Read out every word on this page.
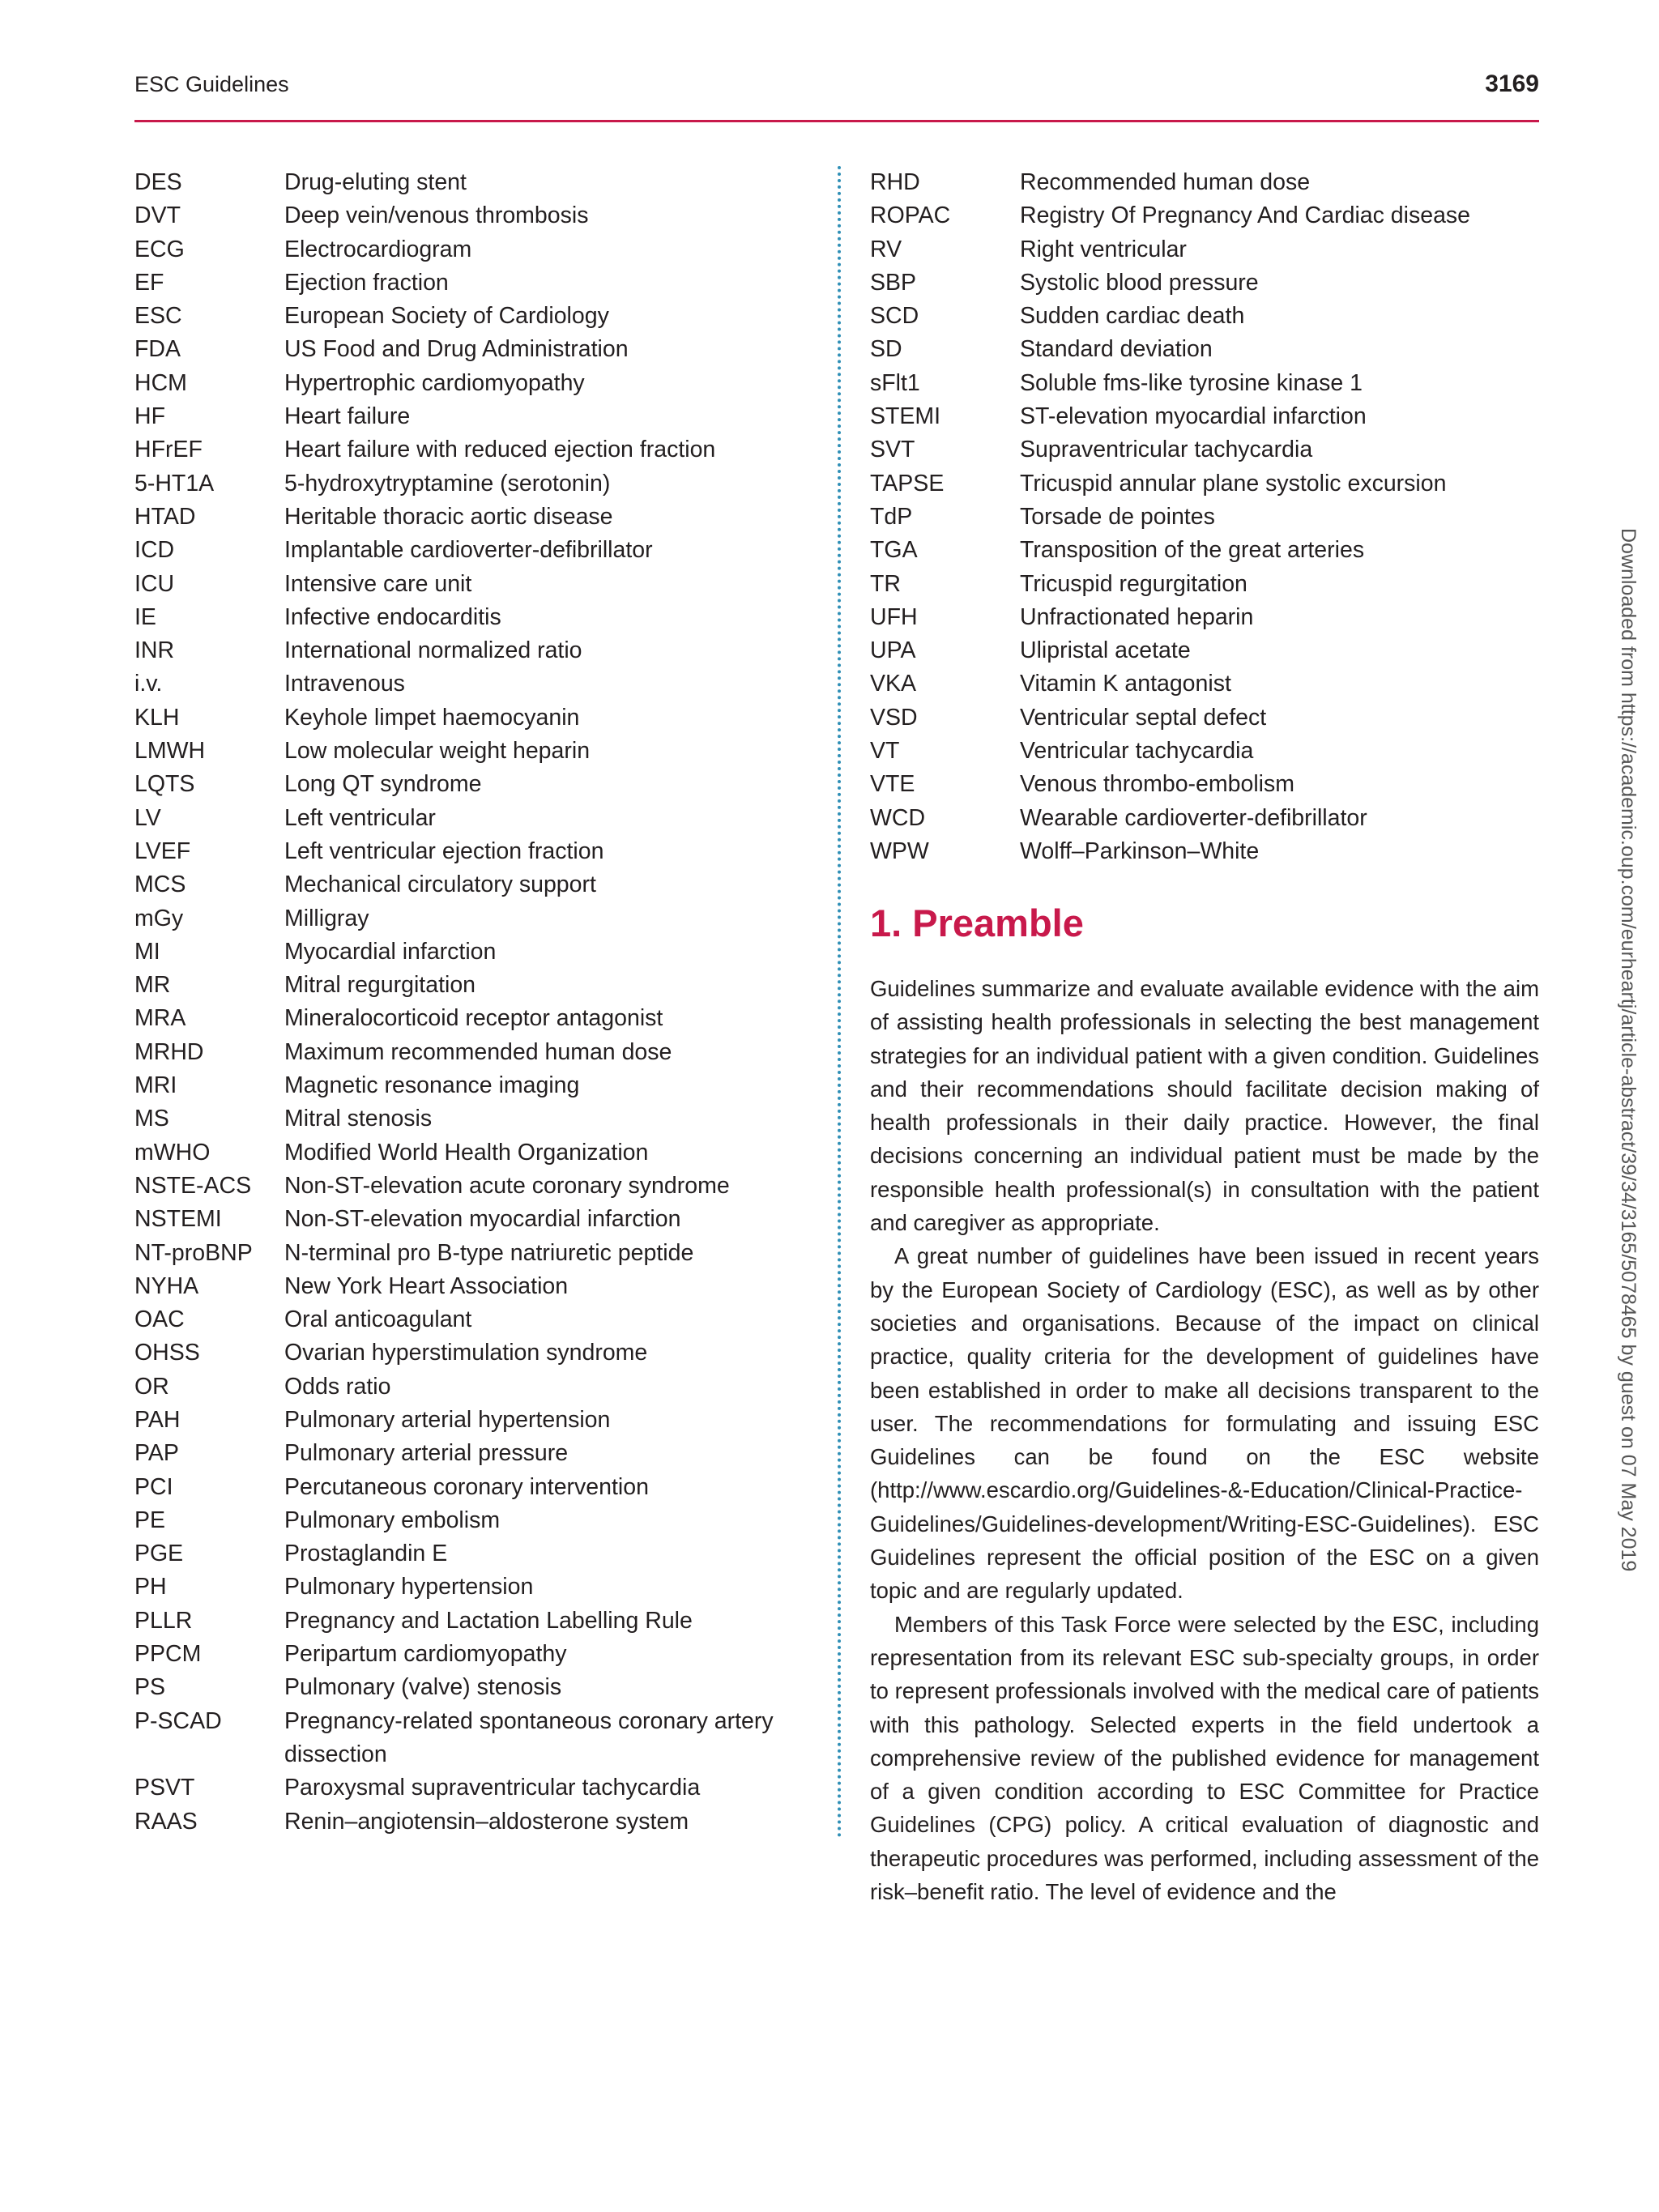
ESC Guidelines	3169
DES	Drug-eluting stent
DVT	Deep vein/venous thrombosis
ECG	Electrocardiogram
EF	Ejection fraction
ESC	European Society of Cardiology
FDA	US Food and Drug Administration
HCM	Hypertrophic cardiomyopathy
HF	Heart failure
HFrEF	Heart failure with reduced ejection fraction
5-HT1A	5-hydroxytryptamine (serotonin)
HTAD	Heritable thoracic aortic disease
ICD	Implantable cardioverter-defibrillator
ICU	Intensive care unit
IE	Infective endocarditis
INR	International normalized ratio
i.v.	Intravenous
KLH	Keyhole limpet haemocyanin
LMWH	Low molecular weight heparin
LQTS	Long QT syndrome
LV	Left ventricular
LVEF	Left ventricular ejection fraction
MCS	Mechanical circulatory support
mGy	Milligray
MI	Myocardial infarction
MR	Mitral regurgitation
MRA	Mineralocorticoid receptor antagonist
MRHD	Maximum recommended human dose
MRI	Magnetic resonance imaging
MS	Mitral stenosis
mWHO	Modified World Health Organization
NSTE-ACS	Non-ST-elevation acute coronary syndrome
NSTEMI	Non-ST-elevation myocardial infarction
NT-proBNP	N-terminal pro B-type natriuretic peptide
NYHA	New York Heart Association
OAC	Oral anticoagulant
OHSS	Ovarian hyperstimulation syndrome
OR	Odds ratio
PAH	Pulmonary arterial hypertension
PAP	Pulmonary arterial pressure
PCI	Percutaneous coronary intervention
PE	Pulmonary embolism
PGE	Prostaglandin E
PH	Pulmonary hypertension
PLLR	Pregnancy and Lactation Labelling Rule
PPCM	Peripartum cardiomyopathy
PS	Pulmonary (valve) stenosis
P-SCAD	Pregnancy-related spontaneous coronary artery dissection
PSVT	Paroxysmal supraventricular tachycardia
RAAS	Renin–angiotensin–aldosterone system
RHD	Recommended human dose
ROPAC	Registry Of Pregnancy And Cardiac disease
RV	Right ventricular
SBP	Systolic blood pressure
SCD	Sudden cardiac death
SD	Standard deviation
sFlt1	Soluble fms-like tyrosine kinase 1
STEMI	ST-elevation myocardial infarction
SVT	Supraventricular tachycardia
TAPSE	Tricuspid annular plane systolic excursion
TdP	Torsade de pointes
TGA	Transposition of the great arteries
TR	Tricuspid regurgitation
UFH	Unfractionated heparin
UPA	Ulipristal acetate
VKA	Vitamin K antagonist
VSD	Ventricular septal defect
VT	Ventricular tachycardia
VTE	Venous thrombo-embolism
WCD	Wearable cardioverter-defibrillator
WPW	Wolff–Parkinson–White
1. Preamble

Guidelines summarize and evaluate available evidence with the aim of assisting health professionals in selecting the best management strategies for an individual patient with a given condition. Guidelines and their recommendations should facilitate decision making of health professionals in their daily practice. However, the final decisions concerning an individual patient must be made by the responsible health professional(s) in consultation with the patient and caregiver as appropriate.

A great number of guidelines have been issued in recent years by the European Society of Cardiology (ESC), as well as by other societies and organisations. Because of the impact on clinical practice, quality criteria for the development of guidelines have been established in order to make all decisions transparent to the user. The recommendations for formulating and issuing ESC Guidelines can be found on the ESC website (http://www.escardio.org/Guidelines-&-Education/Clinical-Practice-Guidelines/Guidelines-development/Writing-ESC-Guidelines). ESC Guidelines represent the official position of the ESC on a given topic and are regularly updated.

Members of this Task Force were selected by the ESC, including representation from its relevant ESC sub-specialty groups, in order to represent professionals involved with the medical care of patients with this pathology. Selected experts in the field undertook a comprehensive review of the published evidence for management of a given condition according to ESC Committee for Practice Guidelines (CPG) policy. A critical evaluation of diagnostic and therapeutic procedures was performed, including assessment of the risk–benefit ratio. The level of evidence and the

Downloaded from https://academic.oup.com/eurheartj/article-abstract/39/34/3165/5078465 by guest on 07 May 2019
